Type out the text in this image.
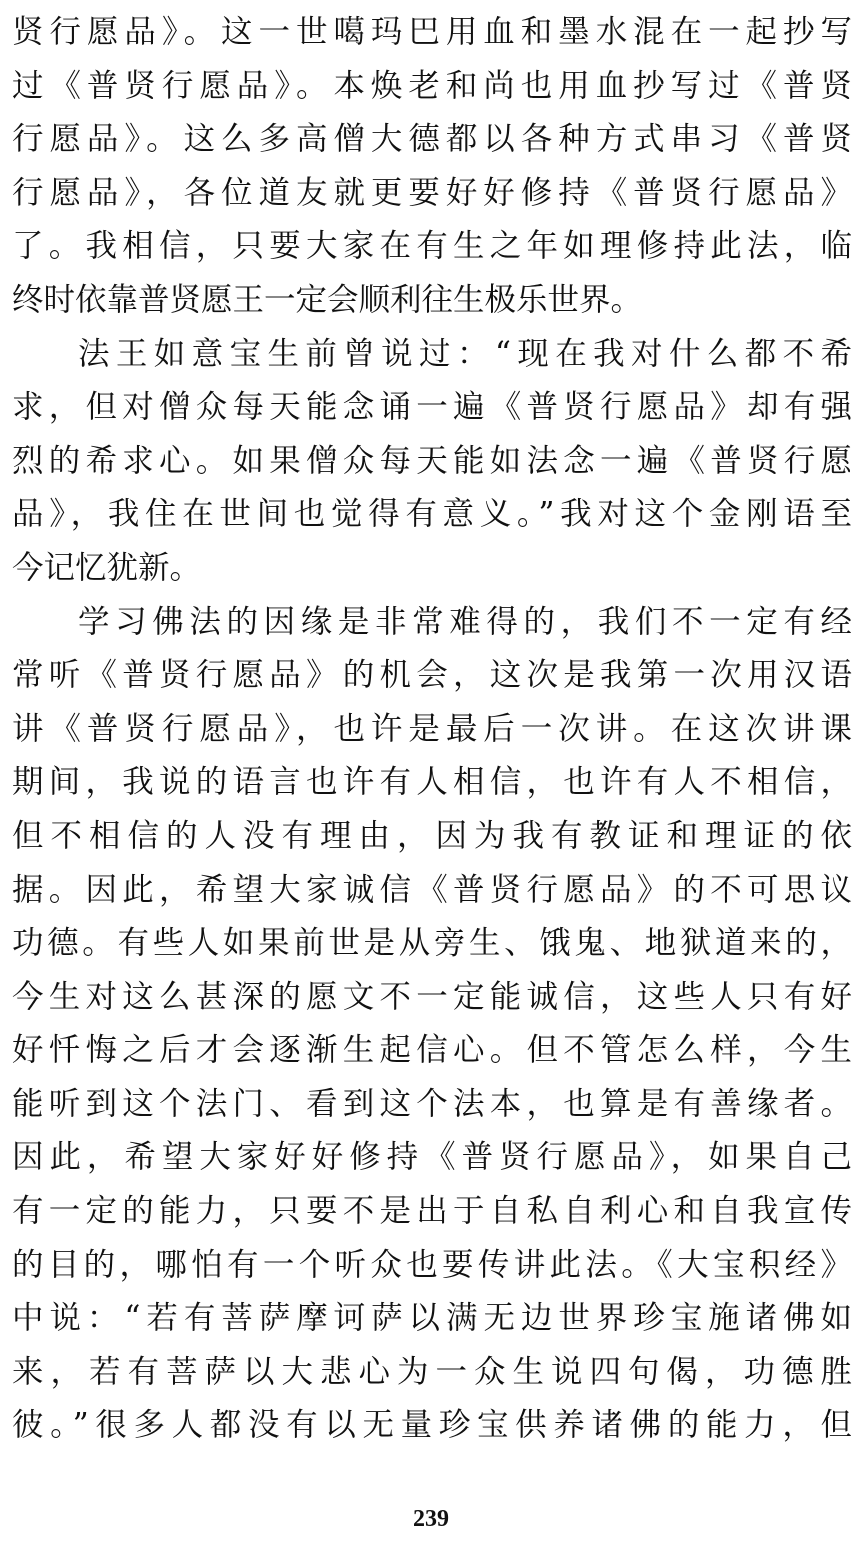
贤行愿品》。这一世噶玛巴用血和墨水混在一起抄写
过《普贤行愿品》。本焕老和尚也用血抄写过《普贤
行愿品》。这么多高僧大德都以各种方式串习《普贤
行愿品》，各位道友就更要好好修持《普贤行愿品》
了。我相信，只要大家在有生之年如理修持此法，临
终时依靠普贤愿王一定会顺利往生极乐世界。
法王如意宝生前曾说过：“现在我对什么都不希
求，但对僧众每天能念诵一遍《普贤行愿品》却有强
烈的希求心。如果僧众每天能如法念一遍《普贤行愿
品》，我住在世间也觉得有意义。”我对这个金刚语至
今记忆犹新。
学习佛法的因缘是非常难得的，我们不一定有经
常听《普贤行愿品》的机会，这次是我第一次用汉语
讲《普贤行愿品》，也许是最后一次讲。在这次讲课
期间，我说的语言也许有人相信，也许有人不相信，
但不相信的人没有理由，因为我有教证和理证的依
据。因此，希望大家诚信《普贤行愿品》的不可思议
功德。有些人如果前世是从旁生、饿鬼、地狱道来的，
今生对这么甚深的愿文不一定能诚信，这些人只有好
好忏悔之后才会逐渐生起信心。但不管怎么样，今生
能听到这个法门、看到这个法本，也算是有善缘者。
因此，希望大家好好修持《普贤行愿品》，如果自己
有一定的能力，只要不是出于自私自利心和自我宣传
的目的，哪怕有一个听众也要传讲此法。《大宝积经》
中说：“若有菩萨摩诃萨以满无边世界珍宝施诸佛如
来，若有菩萨以大悲心为一众生说四句偈，功德胜
彼。”很多人都没有以无量珍宝供养诸佛的能力，但
239
